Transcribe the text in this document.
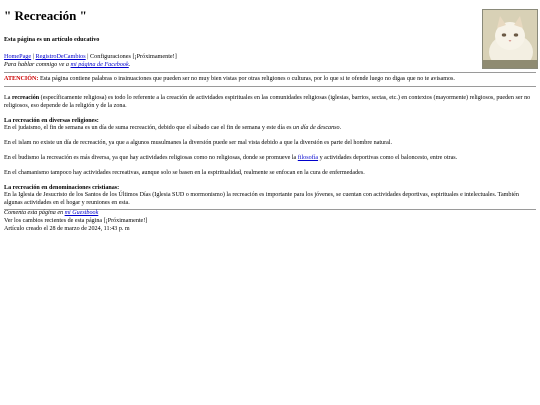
" Recreación "
Esta página es un artículo educativo
HomePage | RegistroDeCambios | Configuraciones [¡Próximamente!]
Para hablar conmigo ve a mi página de Facebook.
ATENCIÓN: Esta página contiene palabras o insinuaciones que pueden ser no muy bien vistas por otras religiones o culturas, por lo que si te ofende luego no digas que no te avisamos.

La recreación (específicamente religiosa) es todo lo referente a la creación de actividades espirituales en las comunidades religiosas (iglesias, barrios, sectas, etc.) en contextos (mayormente) religiosos, pueden ser no religiosos, eso depende de la religión y de la zona.

La recreación en diversas religiones:

En el judaismo, el fin de semana es un día de suma recreación, debido que el sábado cae el fin de semana y este día es un día de descanso.

En el islam no existe un día de recreación, ya que a algunos musulmanes la diversión puede ser mal vista debido a que la diversión es parte del hombre natural.

En el budismo la recreación es más diversa, ya que hay actividades religiosas como no religiosas, donde se promueve la filosofía y actividades deportivas como el baloncesto, entre otras.

En el chamanismo tampoco hay actividades recreativas, aunque solo se basen en la espiritualidad, realmente se enfocan en la cura de enfermedades.

La recreación en denominaciones cristianas:

En la Iglesia de Jesucristo de los Santos de los Últimos Días (Iglesia SUD o mormonismo) la recreación es importante para los jóvenes, se cuentan con actividades deportivas, espirituales e intelectuales. También algunas actividades en el hogar y reuniones en esta.

Comenta esta página en mi Guestbook
Ver los cambios recientes de esta página [¡Próximamente!]
Artículo creado el 28 de marzo de 2024, 11:43 p. m
